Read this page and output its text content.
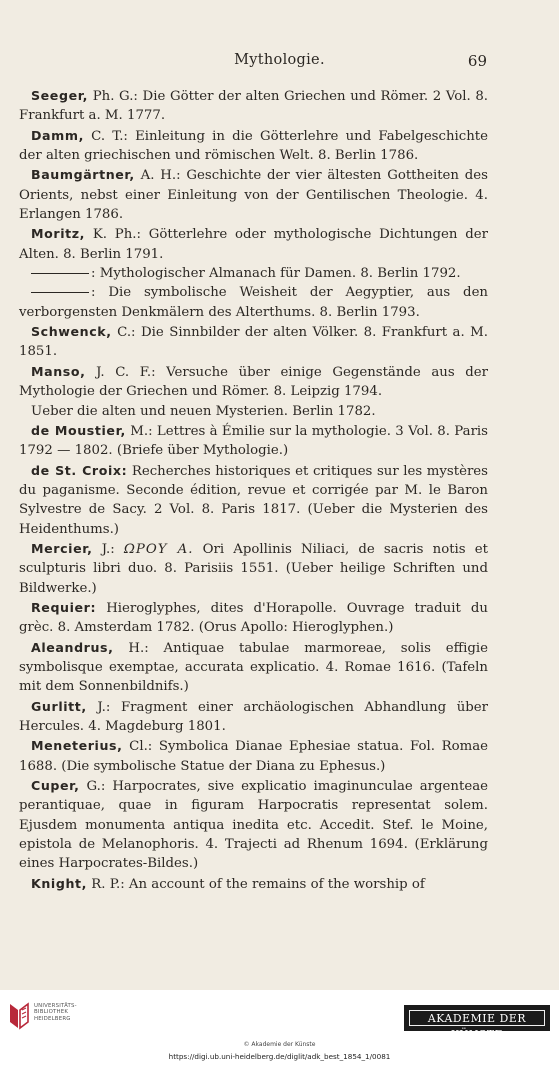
Mythologie.	69

Seeger, Ph. G.: Die Götter der alten Griechen und Römer. 2 Vol. 8. Frankfurt a. M. 1777.

Damm, C. T.: Einleitung in die Götterlehre und Fabelgeschichte der alten griechischen und römischen Welt. 8. Berlin 1786.

Baumgärtner, A. H.: Geschichte der vier ältesten Gottheiten des Orients, nebst einer Einleitung von der Gentilischen Theologie. 4. Erlangen 1786.

Moritz, K. Ph.: Götterlehre oder mythologische Dichtungen der Alten. 8. Berlin 1791.

: Mythologischer Almanach für Damen. 8. Berlin 1792.

: Die symbolische Weisheit der Aegyptier, aus den verborgensten Denkmälern des Alterthums. 8. Berlin 1793.

Schwenck, C.: Die Sinnbilder der alten Völker. 8. Frankfurt a. M. 1851.

Manso, J. C. F.: Versuche über einige Gegenstände aus der Mythologie der Griechen und Römer. 8. Leipzig 1794.

Ueber die alten und neuen Mysterien. Berlin 1782.

de Moustier, M.: Lettres à Émilie sur la mythologie. 3 Vol. 8. Paris 1792 — 1802. (Briefe über Mythologie.)

de St. Croix: Recherches historiques et critiques sur les mystères du paganisme. Seconde édition, revue et corrigée par M. le Baron Sylvestre de Sacy. 2 Vol. 8. Paris 1817. (Ueber die Mysterien des Heidenthums.)

Mercier, J.: ΩΡΟΥ Α. Ori Apollinis Niliaci, de sacris notis et sculpturis libri duo. 8. Parisiis 1551. (Ueber heilige Schriften und Bildwerke.)

Requier: Hieroglyphes, dites d'Horapolle. Ouvrage traduit du grèc. 8. Amsterdam 1782. (Orus Apollo: Hieroglyphen.)

Aleandrus, H.: Antiquae tabulae marmoreae, solis effigie symbolisque exemptae, accurata explicatio. 4. Romae 1616. (Tafeln mit dem Sonnenbildnifs.)

Gurlitt, J.: Fragment einer archäologischen Abhandlung über Hercules. 4. Magdeburg 1801.

Meneterius, Cl.: Symbolica Dianae Ephesiae statua. Fol. Romae 1688. (Die symbolische Statue der Diana zu Ephesus.)

Cuper, G.: Harpocrates, sive explicatio imaginunculae argenteae perantiquae, quae in figuram Harpocratis representat solem. Ejusdem monumenta antiqua inedita etc. Accedit. Stef. le Moine, epistola de Melanophoris. 4. Trajecti ad Rhenum 1694. (Erklärung eines Harpocrates-Bildes.)

Knight, R. P.: An account of the remains of the worship of

UNIVERSITÄTS-
BIBLIOTHEK
HEIDELBERG	AKADEMIE DER KÜNSTE
© Akademie der Künste
https://digi.ub.uni-heidelberg.de/diglit/adk_best_1854_1/0081
